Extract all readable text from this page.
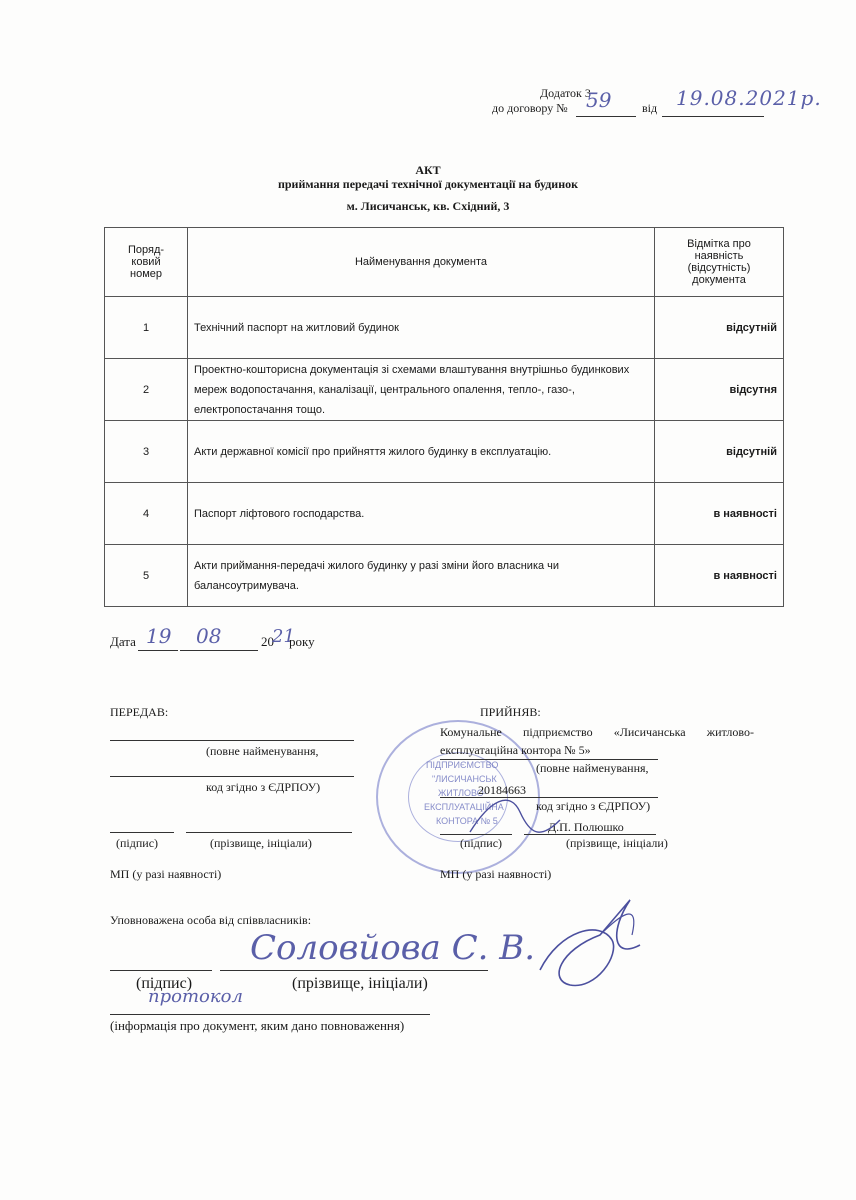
Додаток 3
до договору № 59	від 19.08.2021р.
АКТ
приймання передачі технічної документації на будинок
м. Лисичанськ, кв. Східний, 3
Поряд-
ковий
номер	Найменування документа	Відмітка про
наявність
(відсутність)
документа
1	Технічний паспорт на житловий будинок	відсутній
2	Проектно-кошторисна документація зі схемами влаштування внутрішньо будинкових мереж водопостачання, каналізації, центрального опалення, тепло-, газо-, електропостачання тощо.	відсутня
3	Акти державної комісії про прийняття жилого будинку в експлуатацію.	відсутній
4	Паспорт ліфтового господарства.	в наявності
5	Акти приймання-передачі жилого будинку у разі зміни його власника чи балансоутримувача.	в наявності
Дата 19 08	20
21
року
ПІДПРИЄМСТВО
"ЛИСИЧАНСЬК
ЖИТЛОВО-
ЕКСПЛУАТАЦІЙНА
КОНТОРА № 5
ПЕРЕДАВ:
(повне найменування,
код згідно з ЄДРПОУ)
(підпис)	(прізвище, ініціали)
МП (у разі наявності)
ПРИЙНЯВ:
Комунальне підприємство «Лисичанська житлово-
експлуатаційна контора № 5»
(повне найменування,
20184663
код згідно з ЄДРПОУ)
Д.П. Полюшко
(підпис)	(прізвище, ініціали)
МП (у разі наявності)
Уповноважена особа від співвласників:
Соловйова С. В.
(підпис)	(прізвище, ініціали)
протокол
(інформація про документ, яким дано повноваження)
